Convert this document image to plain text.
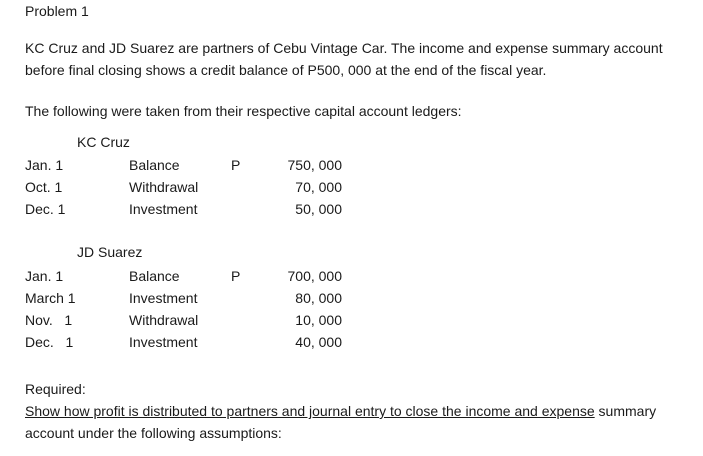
Problem 1
KC Cruz and JD Suarez are partners of Cebu Vintage Car. The income and expense summary account before final closing shows a credit balance of P500, 000 at the end of the fiscal year.
The following were taken from their respective capital account ledgers:
KC Cruz
Jan. 1	Balance	P	750, 000
Oct. 1	Withdrawal	70, 000
Dec. 1	Investment	50, 000
JD Suarez
Jan. 1	Balance	P	700, 000
March 1	Investment	80, 000
Nov.   1	Withdrawal	10, 000
Dec.   1	Investment	40, 000
Required:
Show how profit is distributed to partners and journal entry to close the income and expense summary account under the following assumptions:
